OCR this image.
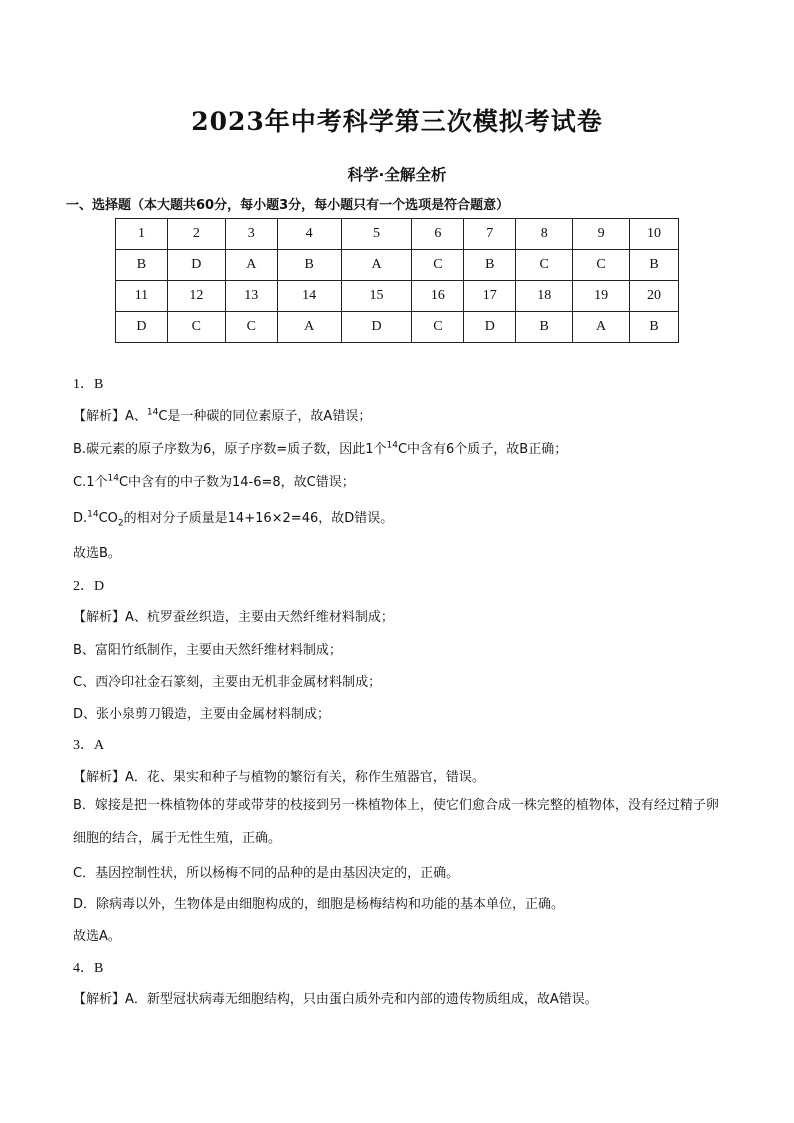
2023年中考科学第三次模拟考试卷
科学·全解全析
一、选择题（本大题共60分，每小题3分，每小题只有一个选项是符合题意）
1	2	3	4	5	6	7	8	9	10
B	D	A	B	A	C	B	C	C	B
11	12	13	14	15	16	17	18	19	20
D	C	C	A	D	C	D	B	A	B
1．B
【解析】A、$^{14}$C是一种碳的同位素原子，故A错误；
B.碳元素的原子序数为6，原子序数=质子数，因此1个$^{14}$C中含有6个质子，故B正确；
C.1个$^{14}$C中含有的中子数为14-6=8，故C错误；
$D.^{14}CO_2$的相对分子质量是14+16×2=46，故D错误。
故选B。
2．D
【解析】A、杭罗蚕丝织造，主要由天然纤维材料制成；
B、富阳竹纸制作，主要由天然纤维材料制成；
C、西冷印社金石篆刻，主要由无机非金属材料制成；
D、张小泉剪刀锻造，主要由金属材料制成；
3．A
【解析】A．花、果实和种子与植物的繁衍有关，称作生殖器官，错误。
B．嫁接是把一株植物体的芽或带芽的枝接到另一株植物体上，使它们愈合成一株完整的植物体，没有经过精子卵细胞的结合，属于无性生殖，正确。
C．基因控制性状，所以杨梅不同的品种的是由基因决定的，正确。
D．除病毒以外，生物体是由细胞构成的，细胞是杨梅结构和功能的基本单位，正确。
故选A。
4．B
【解析】A．新型冠状病毒无细胞结构，只由蛋白质外壳和内部的遗传物质组成，故A错误。
